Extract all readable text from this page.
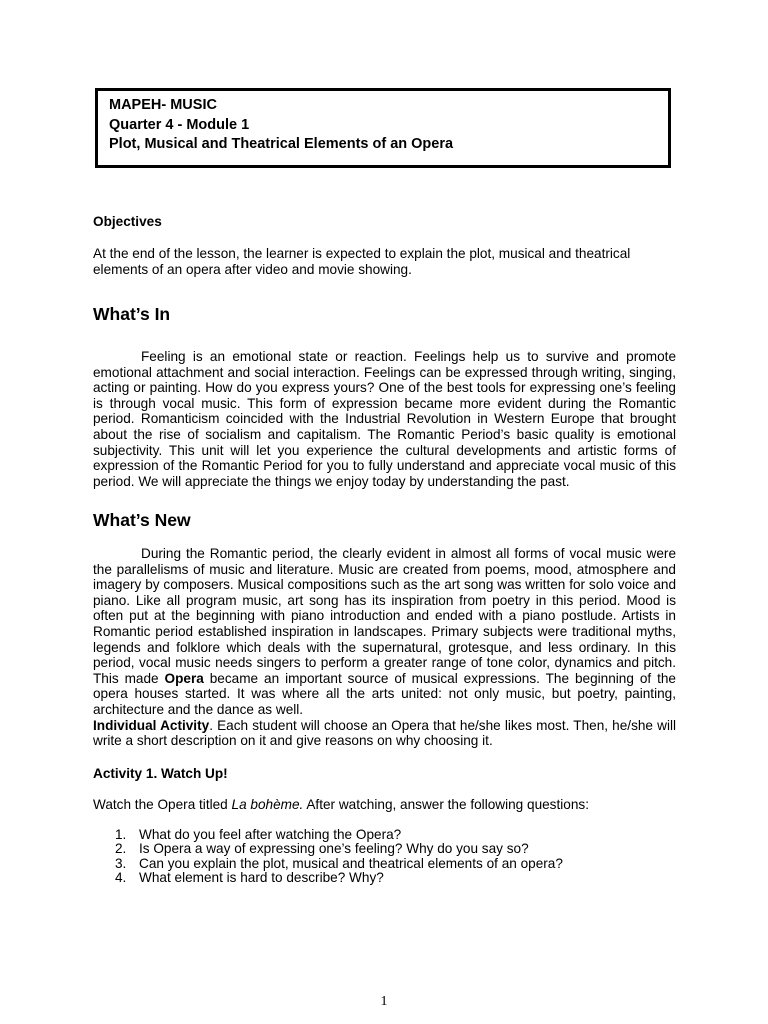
MAPEH- MUSIC
Quarter 4 - Module 1
Plot, Musical and Theatrical Elements of an Opera
Objectives

At the end of the lesson, the learner is expected to explain the plot, musical and theatrical elements of an opera after video and movie showing.

What’s In

Feeling is an emotional state or reaction. Feelings help us to survive and promote emotional attachment and social interaction. Feelings can be expressed through writing, singing, acting or painting. How do you express yours? One of the best tools for expressing one’s feeling is through vocal music. This form of expression became more evident during the Romantic period. Romanticism coincided with the Industrial Revolution in Western Europe that brought about the rise of socialism and capitalism. The Romantic Period’s basic quality is emotional subjectivity. This unit will let you experience the cultural developments and artistic forms of expression of the Romantic Period for you to fully understand and appreciate vocal music of this period. We will appreciate the things we enjoy today by understanding the past.

What’s New

During the Romantic period, the clearly evident in almost all forms of vocal music were the parallelisms of music and literature. Music are created from poems, mood, atmosphere and imagery by composers. Musical compositions such as the art song was written for solo voice and piano. Like all program music, art song has its inspiration from poetry in this period. Mood is often put at the beginning with piano introduction and ended with a piano postlude. Artists in Romantic period established inspiration in landscapes. Primary subjects were traditional myths, legends and folklore which deals with the supernatural, grotesque, and less ordinary. In this period, vocal music needs singers to perform a greater range of tone color, dynamics and pitch. This made Opera became an important source of musical expressions. The beginning of the opera houses started. It was where all the arts united: not only music, but poetry, painting, architecture and the dance as well.
Individual Activity. Each student will choose an Opera that he/she likes most. Then, he/she will write a short description on it and give reasons on why choosing it.

Activity 1. Watch Up!

Watch the Opera titled La bohème. After watching, answer the following questions:

1. What do you feel after watching the Opera?
2. Is Opera a way of expressing one’s feeling? Why do you say so?
3. Can you explain the plot, musical and theatrical elements of an opera?
4. What element is hard to describe? Why?
1
